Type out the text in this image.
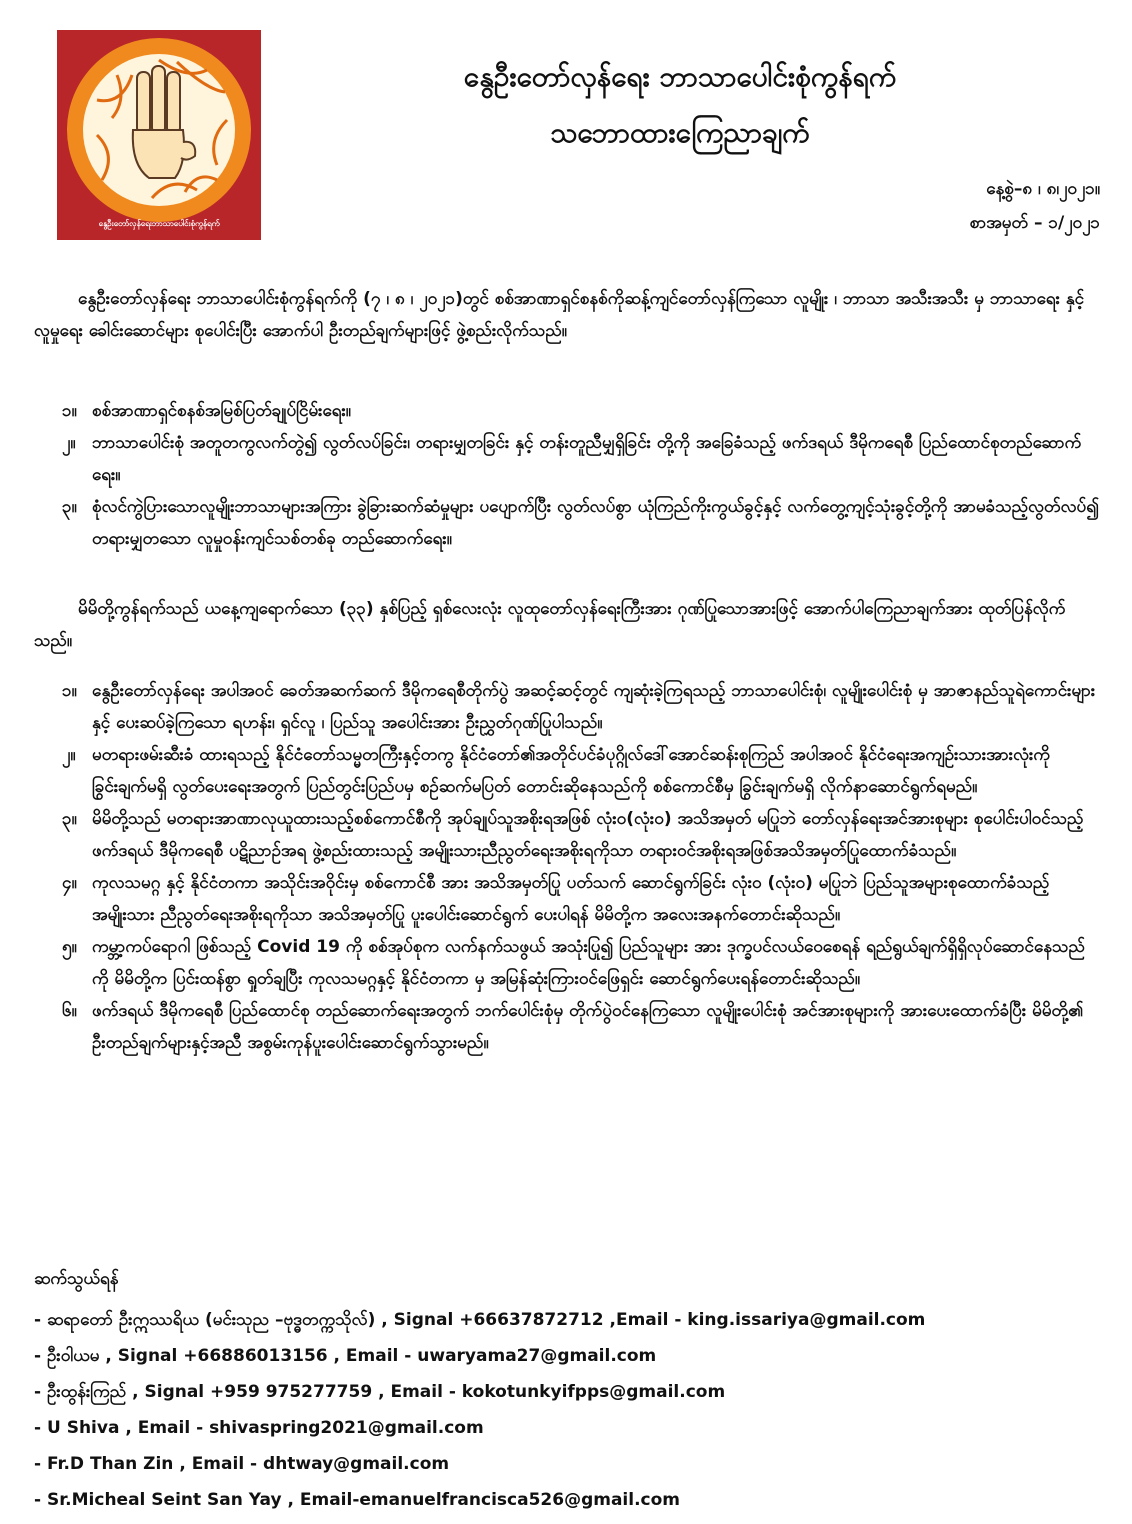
နွေဦးတော်လှန်ရေးဘာသာပေါင်းစုံကွန်ရက်
နွေဦးတော်လှန်ရေး ဘာသာပေါင်းစုံကွန်ရက်
သဘောထားကြေညာချက်
နေ့စွဲ–၈ ၊ ၈၊၂၀၂၁။
စာအမှတ် – ၁/၂၀၂၁

နွေဦးတော်လှန်ရေး ဘာသာပေါင်းစုံကွန်ရက်ကို (၇ ၊ ၈ ၊ ၂၀၂၁)တွင် စစ်အာဏာရှင်စနစ်ကိုဆန့်ကျင်တော်လှန်ကြသော လူမျိုး ၊ ဘာသာ အသီးအသီး မှ ဘာသာရေး နှင့်လူမှုရေး ခေါင်းဆောင်များ စုပေါင်းပြီး အောက်ပါ ဦးတည်ချက်များဖြင့် ဖွဲ့စည်းလိုက်သည်။

၁။ စစ်အာဏာရှင်စနစ်အမြစ်ပြတ်ချုပ်ငြိမ်းရေး။
၂။ ဘာသာပေါင်းစုံ အတူတကွလက်တွဲ၍ လွတ်လပ်ခြင်း၊ တရားမျှတခြင်း နှင့် တန်းတူညီမျှရှိခြင်း တို့ကို အခြေခံသည့် ဖက်ဒရယ် ဒီမိုကရေစီ ပြည်ထောင်စုတည်ဆောက်ရေး။
၃။ စုံလင်ကွဲပြားသောလူမျိုးဘာသာများအကြား ခွဲခြားဆက်ဆံမှုများ ပပျောက်ပြီး လွတ်လပ်စွာ ယုံကြည်ကိုးကွယ်ခွင့်နှင့် လက်တွေ့ကျင့်သုံးခွင့်တို့ကို အာမခံသည့်လွတ်လပ်၍ တရားမျှတသော လူမှုဝန်းကျင်သစ်တစ်ခု တည်ဆောက်ရေး။

မိမိတို့ကွန်ရက်သည် ယနေ့ကျရောက်သော (၃၃) နှစ်ပြည့် ရှစ်လေးလုံး လူထုတော်လှန်ရေးကြီးအား ဂုဏ်ပြုသောအားဖြင့် အောက်ပါကြေညာချက်အား ထုတ်ပြန်လိုက်သည်။

၁။ နွေဦးတော်လှန်ရေး အပါအဝင် ခေတ်အဆက်ဆက် ဒီမိုကရေစီတိုက်ပွဲ အဆင့်ဆင့်တွင် ကျဆုံးခဲ့ကြရသည့် ဘာသာပေါင်းစုံ၊ လူမျိုးပေါင်းစုံ မှ အာဇာနည်သူရဲကောင်းများ နှင့် ပေးဆပ်ခဲ့ကြသော ရဟန်း၊ ရှင်လူ ၊ ပြည်သူ အပေါင်းအား ဦးညွှတ်ဂုဏ်ပြုပါသည်။
၂။ မတရားဖမ်းဆီးခံ ထားရသည့် နိုင်ငံတော်သမ္မတကြီးနှင့်တကွ နိုင်ငံတော်၏အတိုင်ပင်ခံပုဂ္ဂိုလ်ဒေါ်အောင်ဆန်းစုကြည် အပါအဝင် နိုင်ငံရေးအကျဉ်းသားအားလုံးကိုခြွင်းချက်မရှိ လွတ်ပေးရေးအတွက် ပြည်တွင်းပြည်ပမှ စဉ်ဆက်မပြတ် တောင်းဆိုနေသည်ကို စစ်ကောင်စီမှ ခြွင်းချက်မရှိ လိုက်နာဆောင်ရွက်ရမည်။
၃။ မိမိတို့သည် မတရားအာဏာလုယူထားသည့်စစ်ကောင်စီကို အုပ်ချုပ်သူအစိုးရအဖြစ် လုံး၀(လုံး၀) အသိအမှတ် မပြုဘဲ တော်လှန်ရေးအင်အားစုများ စုပေါင်းပါဝင်သည့် ဖက်ဒရယ် ဒီမိုကရေစီ ပဋိညာဉ်အရ ဖွဲ့စည်းထားသည့် အမျိုးသားညီညွတ်ရေးအစိုးရကိုသာ တရားဝင်အစိုးရအဖြစ်အသိအမှတ်ပြုထောက်ခံသည်။
၄။ ကုလသမဂ္ဂ နှင့် နိုင်ငံတကာ အသိုင်းအဝိုင်းမှ စစ်ကောင်စီ အား အသိအမှတ်ပြု ပတ်သက် ဆောင်ရွက်ခြင်း လုံး၀ (လုံး၀) မပြုဘဲ ပြည်သူအများစုထောက်ခံသည့် အမျိုးသား ညီညွတ်ရေးအစိုးရကိုသာ အသိအမှတ်ပြု ပူးပေါင်းဆောင်ရွက် ပေးပါရန် မိမိတို့က အလေးအနက်တောင်းဆိုသည်။
၅။ ကမ္ဘာ့ကပ်ရောဂါ ဖြစ်သည့် Covid 19 ကို စစ်အုပ်စုက လက်နက်သဖွယ် အသုံးပြု၍ ပြည်သူများ အား ဒုက္ခပင်လယ်ဝေစေရန် ရည်ရွယ်ချက်ရှိရှိလုပ်ဆောင်နေသည်ကို မိမိတို့က ပြင်းထန်စွာ ရှုတ်ချပြီး ကုလသမဂ္ဂနှင့် နိုင်ငံတကာ မှ အမြန်ဆုံးကြားဝင်ဖြေရှင်း ဆောင်ရွက်ပေးရန်တောင်းဆိုသည်။
၆။ ဖက်ဒရယ် ဒီမိုကရေစီ ပြည်ထောင်စု တည်ဆောက်ရေးအတွက် ဘက်ပေါင်းစုံမှ တိုက်ပွဲဝင်နေကြသော လူမျိုးပေါင်းစုံ အင်အားစုများကို အားပေးထောက်ခံပြီး မိမိတို့၏ ဦးတည်ချက်များနှင့်အညီ အစွမ်းကုန်ပူးပေါင်းဆောင်ရွက်သွားမည်။
ဆက်သွယ်ရန်
- ဆရာတော် ဦးဣဿရိယ (မင်းသုည –ဗုဒ္ဓတက္ကသိုလ်) , Signal +66637872712 ,Email - king.issariya@gmail.com
- ဦးဝါယမ , Signal +66886013156 , Email - uwaryama27@gmail.com
- ဦးထွန်းကြည် , Signal +959 975277759 , Email - kokotunkyifpps@gmail.com
- U Shiva , Email - shivaspring2021@gmail.com
- Fr.D Than Zin , Email - dhtway@gmail.com
- Sr.Micheal Seint San Yay , Email-emanuelfrancisca526@gmail.com
